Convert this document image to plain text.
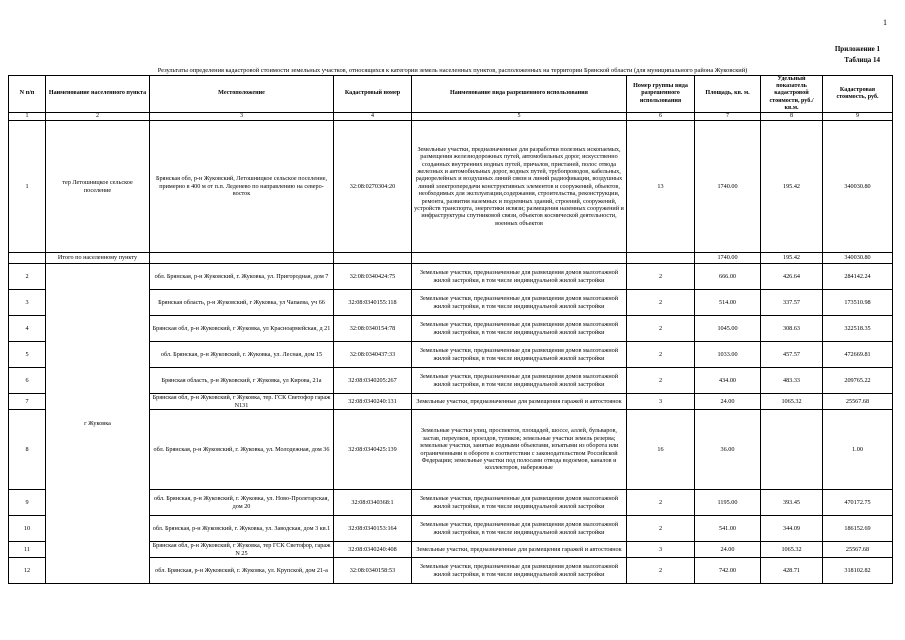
1
Приложение 1
Таблица 14
Результаты определения кадастровой стоимости земельных участков, относящихся к категории земель населенных пунктов, расположенных на территории Брянской области (для муниципального района Жуковский)
N п/п	Наименование населенного пункта	Местоположение	Кадастровый номер	Наименование вида разрешенного использования	Номер группы вида разрешенного использования	Площадь, кв. м.	Удельный показатель кадастровой стоимости, руб./кв.м.	Кадастровая стоимость, руб.
1	2	3	4	5	6	7	8	9
1	тер Летошницкое сельское поселение	Брянская обл, р-н Жуковский, Летошницкое сельское поселение, примерно в 400 м от п.п. Леденево по направлению на северо-восток	32:08:0270304:20	Земельные участки, предназначенные для разработки полезных ископаемых, размещения железнодорожных путей, автомобильных дорог, искусственно созданных внутренних водных путей, причалов, пристаней, полос отвода железных и автомобильных дорог, водных путей, трубопроводов, кабельных, радиорелейных и воздушных линий связи и линий радиофикации, воздушных линий электропередачи конструктивных элементов и сооружений, объектов, необходимых для эксплуатации,содержания, строительства, реконструкции, ремонта, развития наземных и подземных зданий, строений, сооружений, устройств транспорта, энергетики исвязи; размещения наземных сооружений и инфраструктуры спутниковой связи, объектов космической деятельности, военных объектов	13	1740.00	195.42	340030.80
	Итого по населенному пункту					1740.00	195.42	340030.80
2	г Жуковка	обл. Брянская, р-н Жуковский, г. Жуковка, ул. Пригородная, дом 7	32:08:0340424:75	Земельные участки, предназначенные для размещения домов малоэтажной жилой застройки, в том числе индивидуальной жилой застройки	2	666.00	426.64	284142.24
3		Брянская область, р-н Жуковский, г Жуковка, ул Чапаева, уч 66	32:08:0340155:118	Земельные участки, предназначенные для размещения домов малоэтажной жилой застройки, в том числе индивидуальной жилой застройки	2	514.00	337.57	173510.98
4		Брянская обл, р-н Жуковский, г Жуковка, ул Красноармейская, д 21	32:08:0340154:78	Земельные участки, предназначенные для размещения домов малоэтажной жилой застройки, в том числе индивидуальной жилой застройки	2	1045.00	308.63	322518.35
5		обл. Брянская, р-н Жуковский, г. Жуковка, ул. Лесная, дом 15	32:08:0340437:33	Земельные участки, предназначенные для размещения домов малоэтажной жилой застройки, в том числе индивидуальной жилой застройки	2	1033.00	457.57	472669.81
6		Брянская область, р-н Жуковский, г Жуковка, ул Кирова, 21а	32:08:0340205:267	Земельные участки, предназначенные для размещения домов малоэтажной жилой застройки, в том числе индивидуальной жилой застройки	2	434.00	483.33	209765.22
7		Брянская обл, р-н Жуковский, г Жуковка, тер. ГСК Светофор гараж N131	32:08:0340240:131	Земельные участки, предназначенные для размещения гаражей и автостоянок	3	24.00	1065.32	25567.68
8		обл. Брянская, р-н Жуковский, г. Жуковка, ул. Молодежная, дом 36	32:08:0340425:139	Земельные участки улиц, проспектов, площадей, шоссе, аллей, бульваров, застав, переулков, проездов, тупиков; земельные участки земель резерва; земельные участки, занятые водными объектами, изъятыми из оборота или ограниченными в обороте в соответствии с законодательством Российской Федерации; земельные участки под полосами отвода водоемов, каналов и коллекторов, набережные	16	36.00		1.00
9		обл. Брянская, р-н Жуковский, г. Жуковка, ул. Ново-Пролетарская, дом 20	32:08:0340368:1	Земельные участки, предназначенные для размещения домов малоэтажной жилой застройки, в том числе индивидуальной жилой застройки	2	1195.00	393.45	470172.75
10		обл. Брянская, р-н Жуковский, г. Жуковка, ул. Заводская, дом 3 кв.1	32:08:0340153:164	Земельные участки, предназначенные для размещения домов малоэтажной жилой застройки, в том числе индивидуальной жилой застройки	2	541.00	344.09	186152.69
11		Брянская обл, р-н Жуковский, г Жуковка, тер ГСК Светофор, гараж N 25	32:08:0340240:408	Земельные участки, предназначенные для размещения гаражей и автостоянок	3	24.00	1065.32	25567.68
12		обл. Брянская, р-н Жуковский, г. Жуковка, ул. Крупской, дом 21-а	32:08:0340158:53	Земельные участки, предназначенные для размещения домов малоэтажной жилой застройки, в том числе индивидуальной жилой застройки	2	742.00	428.71	318102.82
